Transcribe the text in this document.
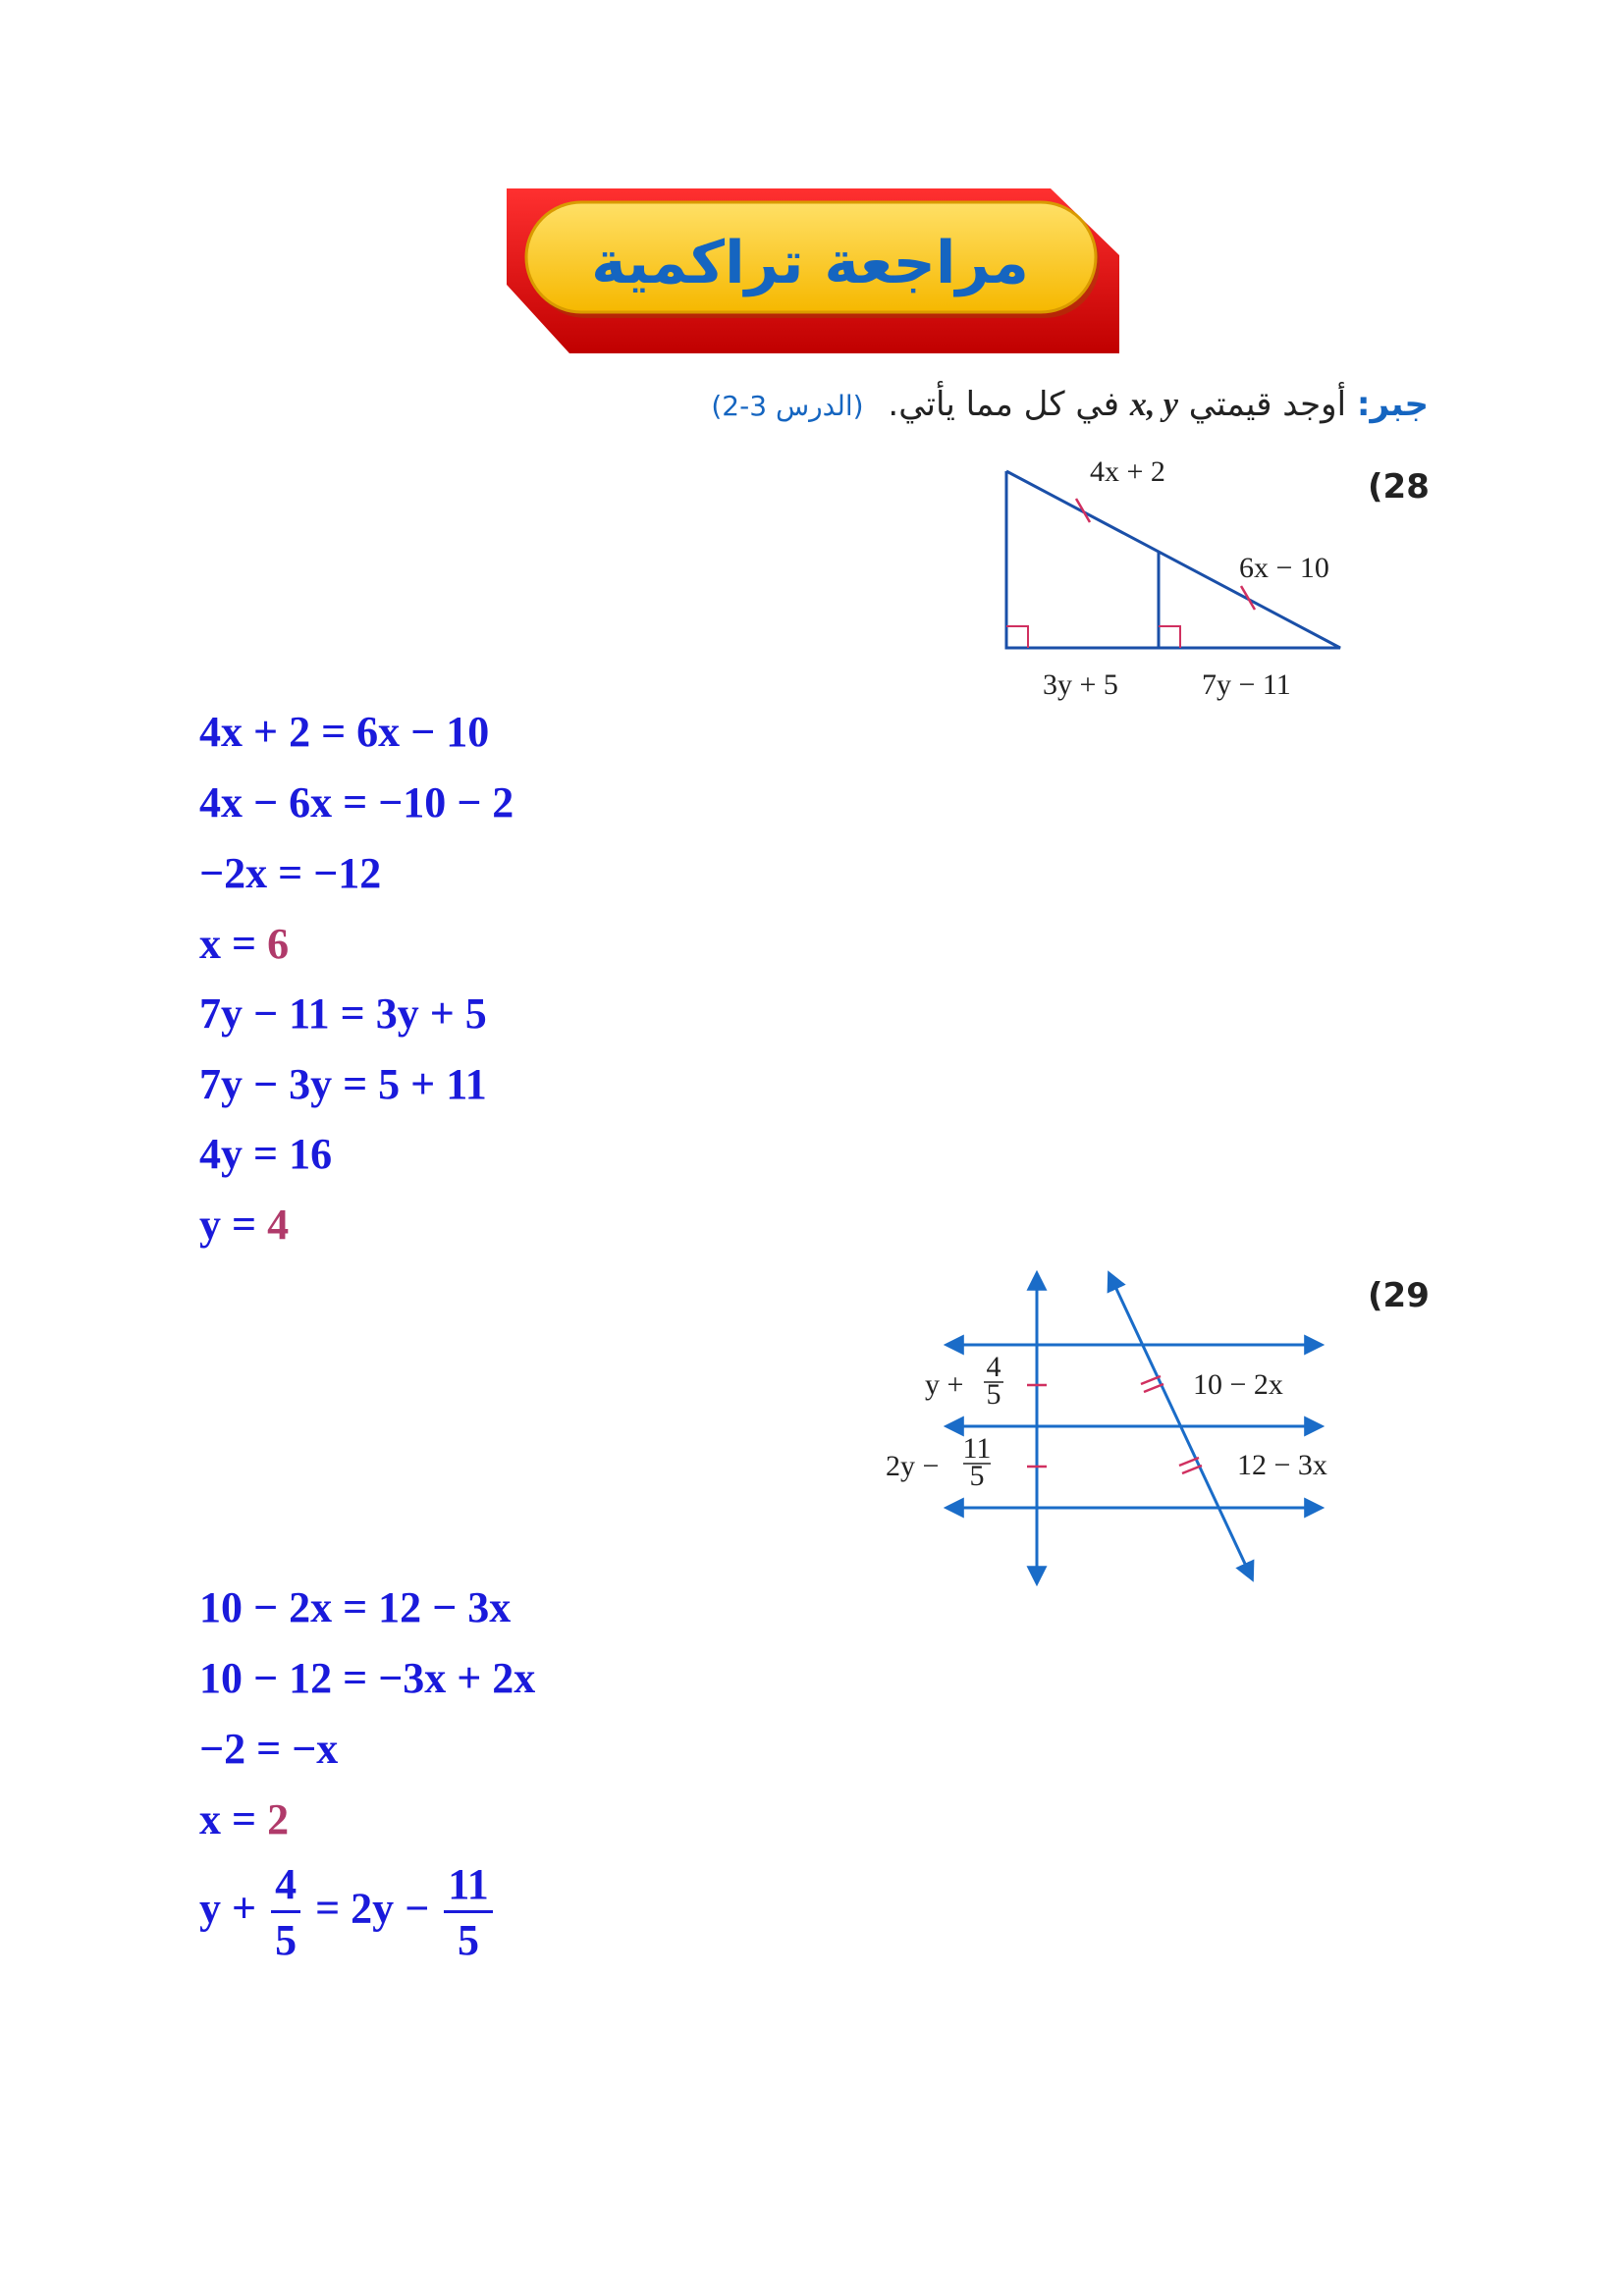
مراجعة تراكمية
جبر: أوجد قيمتي x, y في كل مما يأتي. (الدرس 3-2)
(28
4x + 2
6x − 10
3y + 5	7y − 11
4x + 2 = 6x − 10
4x − 6x = −10 − 2
−2x = −12
x = 6
7y − 11 = 3y + 5
7y − 3y = 5 + 11
4y = 16
y = 4
(29
y +
4
5
2y −
11
5
10 − 2x
12 − 3x
10 − 2x = 12 − 3x
10 − 12 = −3x + 2x
−2 = −x
x = 2
$y + \frac{4}{5} = 2y - \frac{11}{5}$
